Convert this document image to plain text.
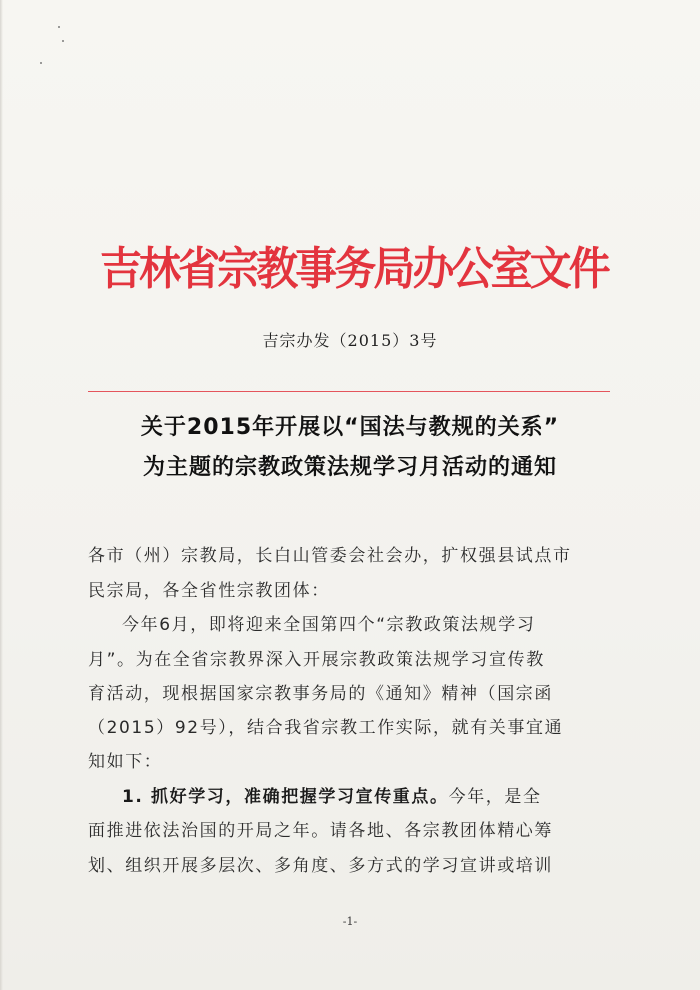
吉林省宗教事务局办公室文件
吉宗办发（2015）3号
关于2015年开展以“国法与教规的关系”
为主题的宗教政策法规学习月活动的通知
各市（州）宗教局，长白山管委会社会办，扩权强县试点市
民宗局，各全省性宗教团体：
今年6月，即将迎来全国第四个“宗教政策法规学习
月”。为在全省宗教界深入开展宗教政策法规学习宣传教
育活动，现根据国家宗教事务局的《通知》精神（国宗函
（2015）92号），结合我省宗教工作实际，就有关事宜通
知如下：
1. 抓好学习，准确把握学习宣传重点。今年，是全
面推进依法治国的开局之年。请各地、各宗教团体精心筹
划、组织开展多层次、多角度、多方式的学习宣讲或培训
-1-
